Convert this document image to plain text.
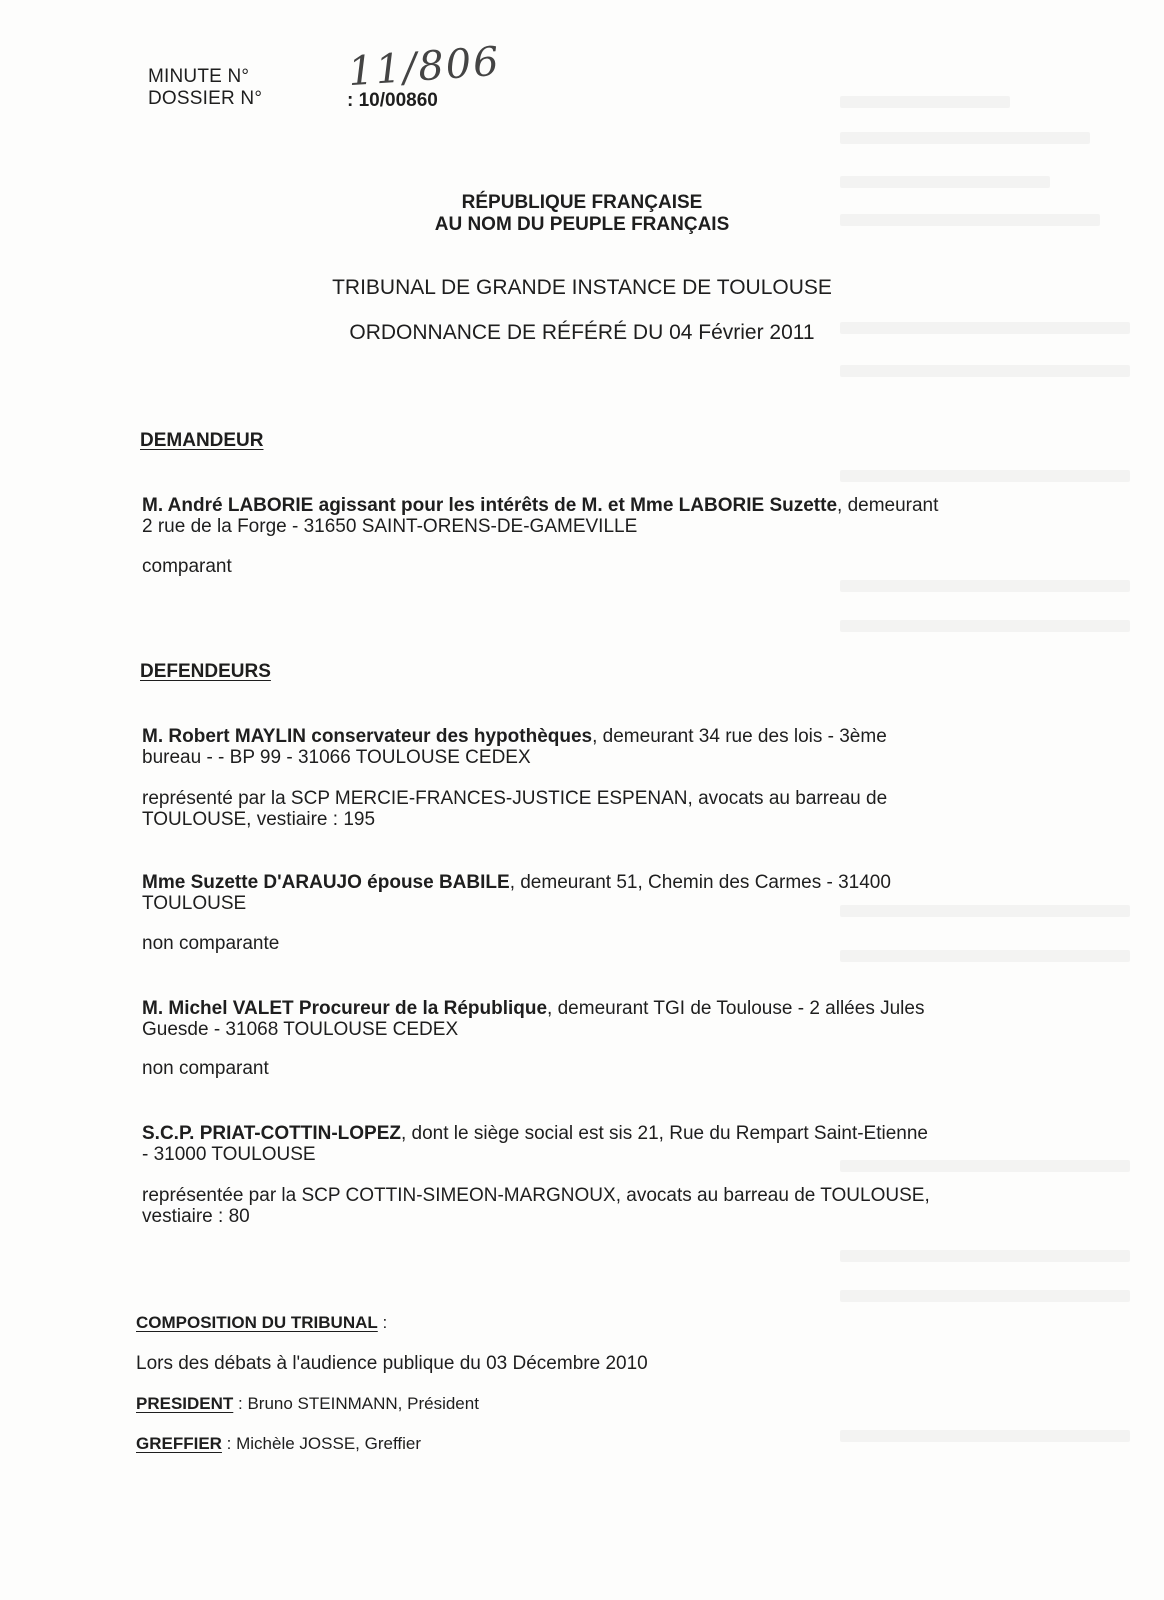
MINUTE N°
DOSSIER N°
11/806
: 10/00860
RÉPUBLIQUE FRANÇAISE
AU NOM DU PEUPLE FRANÇAIS
TRIBUNAL DE GRANDE INSTANCE DE TOULOUSE
ORDONNANCE DE RÉFÉRÉ DU 04 Février 2011
DEMANDEUR
M. André LABORIE agissant pour les intérêts de M. et Mme LABORIE Suzette, demeurant
2 rue de la Forge - 31650 SAINT-ORENS-DE-GAMEVILLE
comparant
DEFENDEURS
M. Robert MAYLIN conservateur des hypothèques, demeurant 34 rue des lois - 3ème
bureau - - BP 99 - 31066 TOULOUSE CEDEX
représenté par la SCP MERCIE-FRANCES-JUSTICE ESPENAN, avocats au barreau de
TOULOUSE, vestiaire : 195
Mme Suzette D'ARAUJO épouse BABILE, demeurant 51, Chemin des Carmes - 31400
TOULOUSE
non comparante
M. Michel VALET Procureur de la République, demeurant TGI de Toulouse - 2 allées Jules
Guesde - 31068 TOULOUSE CEDEX
non comparant
S.C.P. PRIAT-COTTIN-LOPEZ, dont le siège social est sis 21, Rue du Rempart Saint-Etienne
- 31000 TOULOUSE
représentée par la SCP COTTIN-SIMEON-MARGNOUX, avocats au barreau de TOULOUSE,
vestiaire : 80
COMPOSITION DU TRIBUNAL :
Lors des débats à l'audience publique du 03 Décembre 2010
PRESIDENT : Bruno STEINMANN, Président
GREFFIER : Michèle JOSSE, Greffier
